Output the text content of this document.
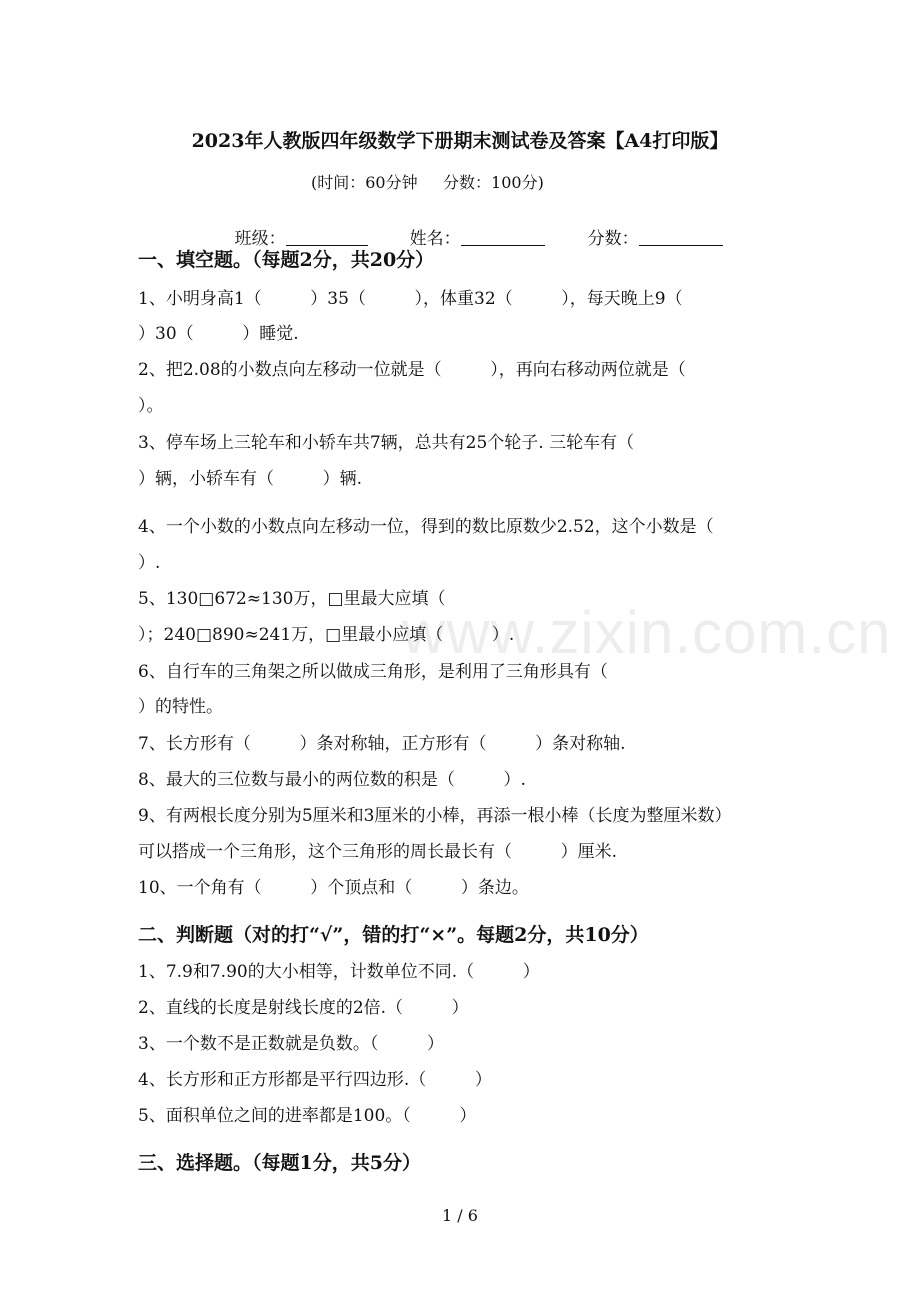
www.zixin.com.cn
2023年人教版四年级数学下册期末测试卷及答案【A4打印版】
(时间：60分钟     分数：100分)

班级：
	姓名：
	分数：

一、填空题。（每题2分，共20分）
1、小明身高1（         ）35（         ），体重32（         ），每天晚上9（
）30（         ）睡觉.
2、把2.08的小数点向左移动一位就是（         ），再向右移动两位就是（
）。
3、停车场上三轮车和小轿车共7辆，总共有25个轮子. 三轮车有（
）辆，小轿车有（         ）辆.
4、一个小数的小数点向左移动一位，得到的数比原数少2.52，这个小数是（
）.
5、130□672≈130万，□里最大应填（
）；240□890≈241万，□里最小应填（         ）.
6、自行车的三角架之所以做成三角形，是利用了三角形具有（
）的特性。
7、长方形有（         ）条对称轴，正方形有（         ）条对称轴.
8、最大的三位数与最小的两位数的积是（         ）.
9、有两根长度分别为5厘米和3厘米的小棒，再添一根小棒（长度为整厘米数）
可以搭成一个三角形，这个三角形的周长最长有（         ）厘米.
10、一个角有（         ）个顶点和（         ）条边。
二、判断题（对的打“√”，错的打“×”。每题2分，共10分）
1、7.9和7.90的大小相等，计数单位不同.（         ）
2、直线的长度是射线长度的2倍.（         ）
3、一个数不是正数就是负数。（         ）
4、长方形和正方形都是平行四边形.（         ）
5、面积单位之间的进率都是100。（         ）
三、选择题。（每题1分，共5分）
1 / 6
